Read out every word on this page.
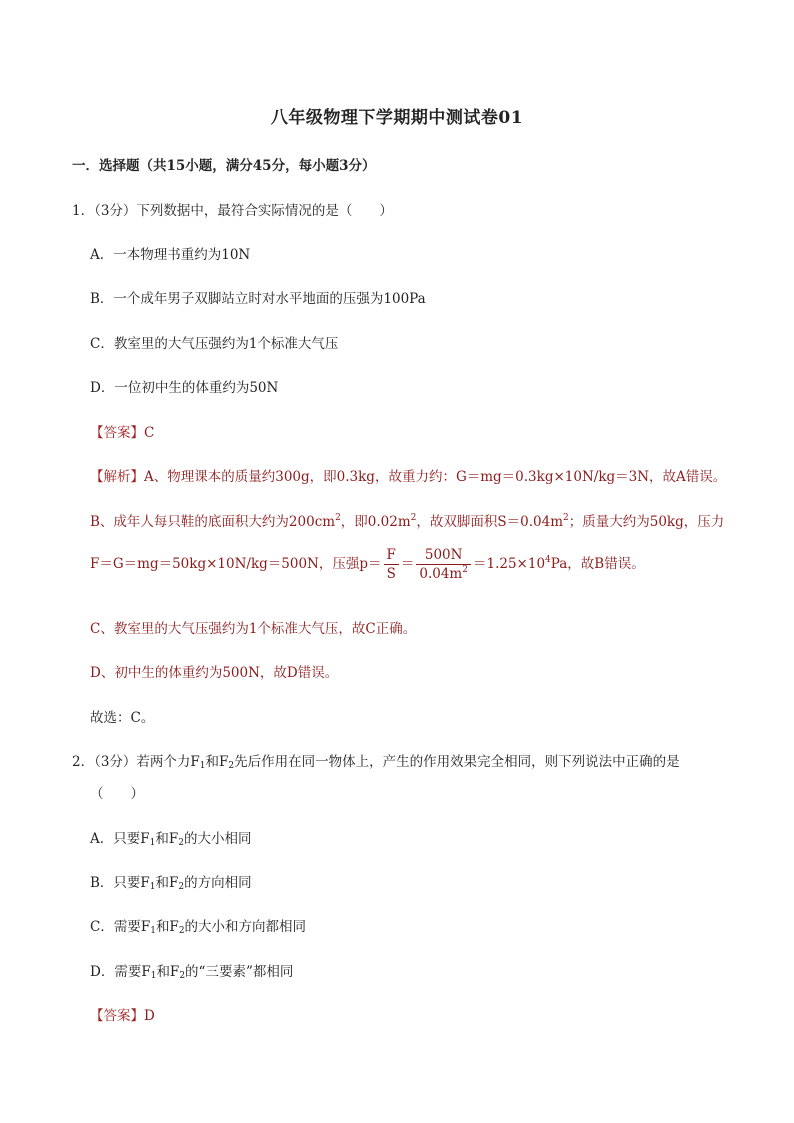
八年级物理下学期期中测试卷01
一．选择题（共15小题，满分45分，每小题3分）
1．（3分）下列数据中，最符合实际情况的是（　　）
A．一本物理书重约为10N
B．一个成年男子双脚站立时对水平地面的压强为100Pa
C．教室里的大气压强约为1个标准大气压
D．一位初中生的体重约为50N
【答案】C
【解析】A、物理课本的质量约300g，即0.3kg，故重力约：G＝mg＝0.3kg×10N/kg＝3N，故A错误。
B、成年人每只鞋的底面积大约为$200cm^2$，即$0.02m^2$，故双脚面积$S=0.04m^2$；质量大约为50kg，压力
F＝G＝mg＝50kg×10N/kg＝500N，压强$p= \frac{F}{S} = \frac{500N}{0.04m^2} =1.25\times 10^4Pa$，故B错误。
C、教室里的大气压强约为1个标准大气压，故C正确。
D、初中生的体重约为500N，故D错误。
故选：C。
2．（3分）若两个力$F_1$和$F_2$先后作用在同一物体上，产生的作用效果完全相同，则下列说法中正确的是
（　　）
A．只要$F_1$和$F_2$的大小相同
B．只要$F_1$和$F_2$的方向相同
C．需要$F_1$和$F_2$的大小和方向都相同
D．需要$F_1$和$F_2$的“三要素”都相同
【答案】D
